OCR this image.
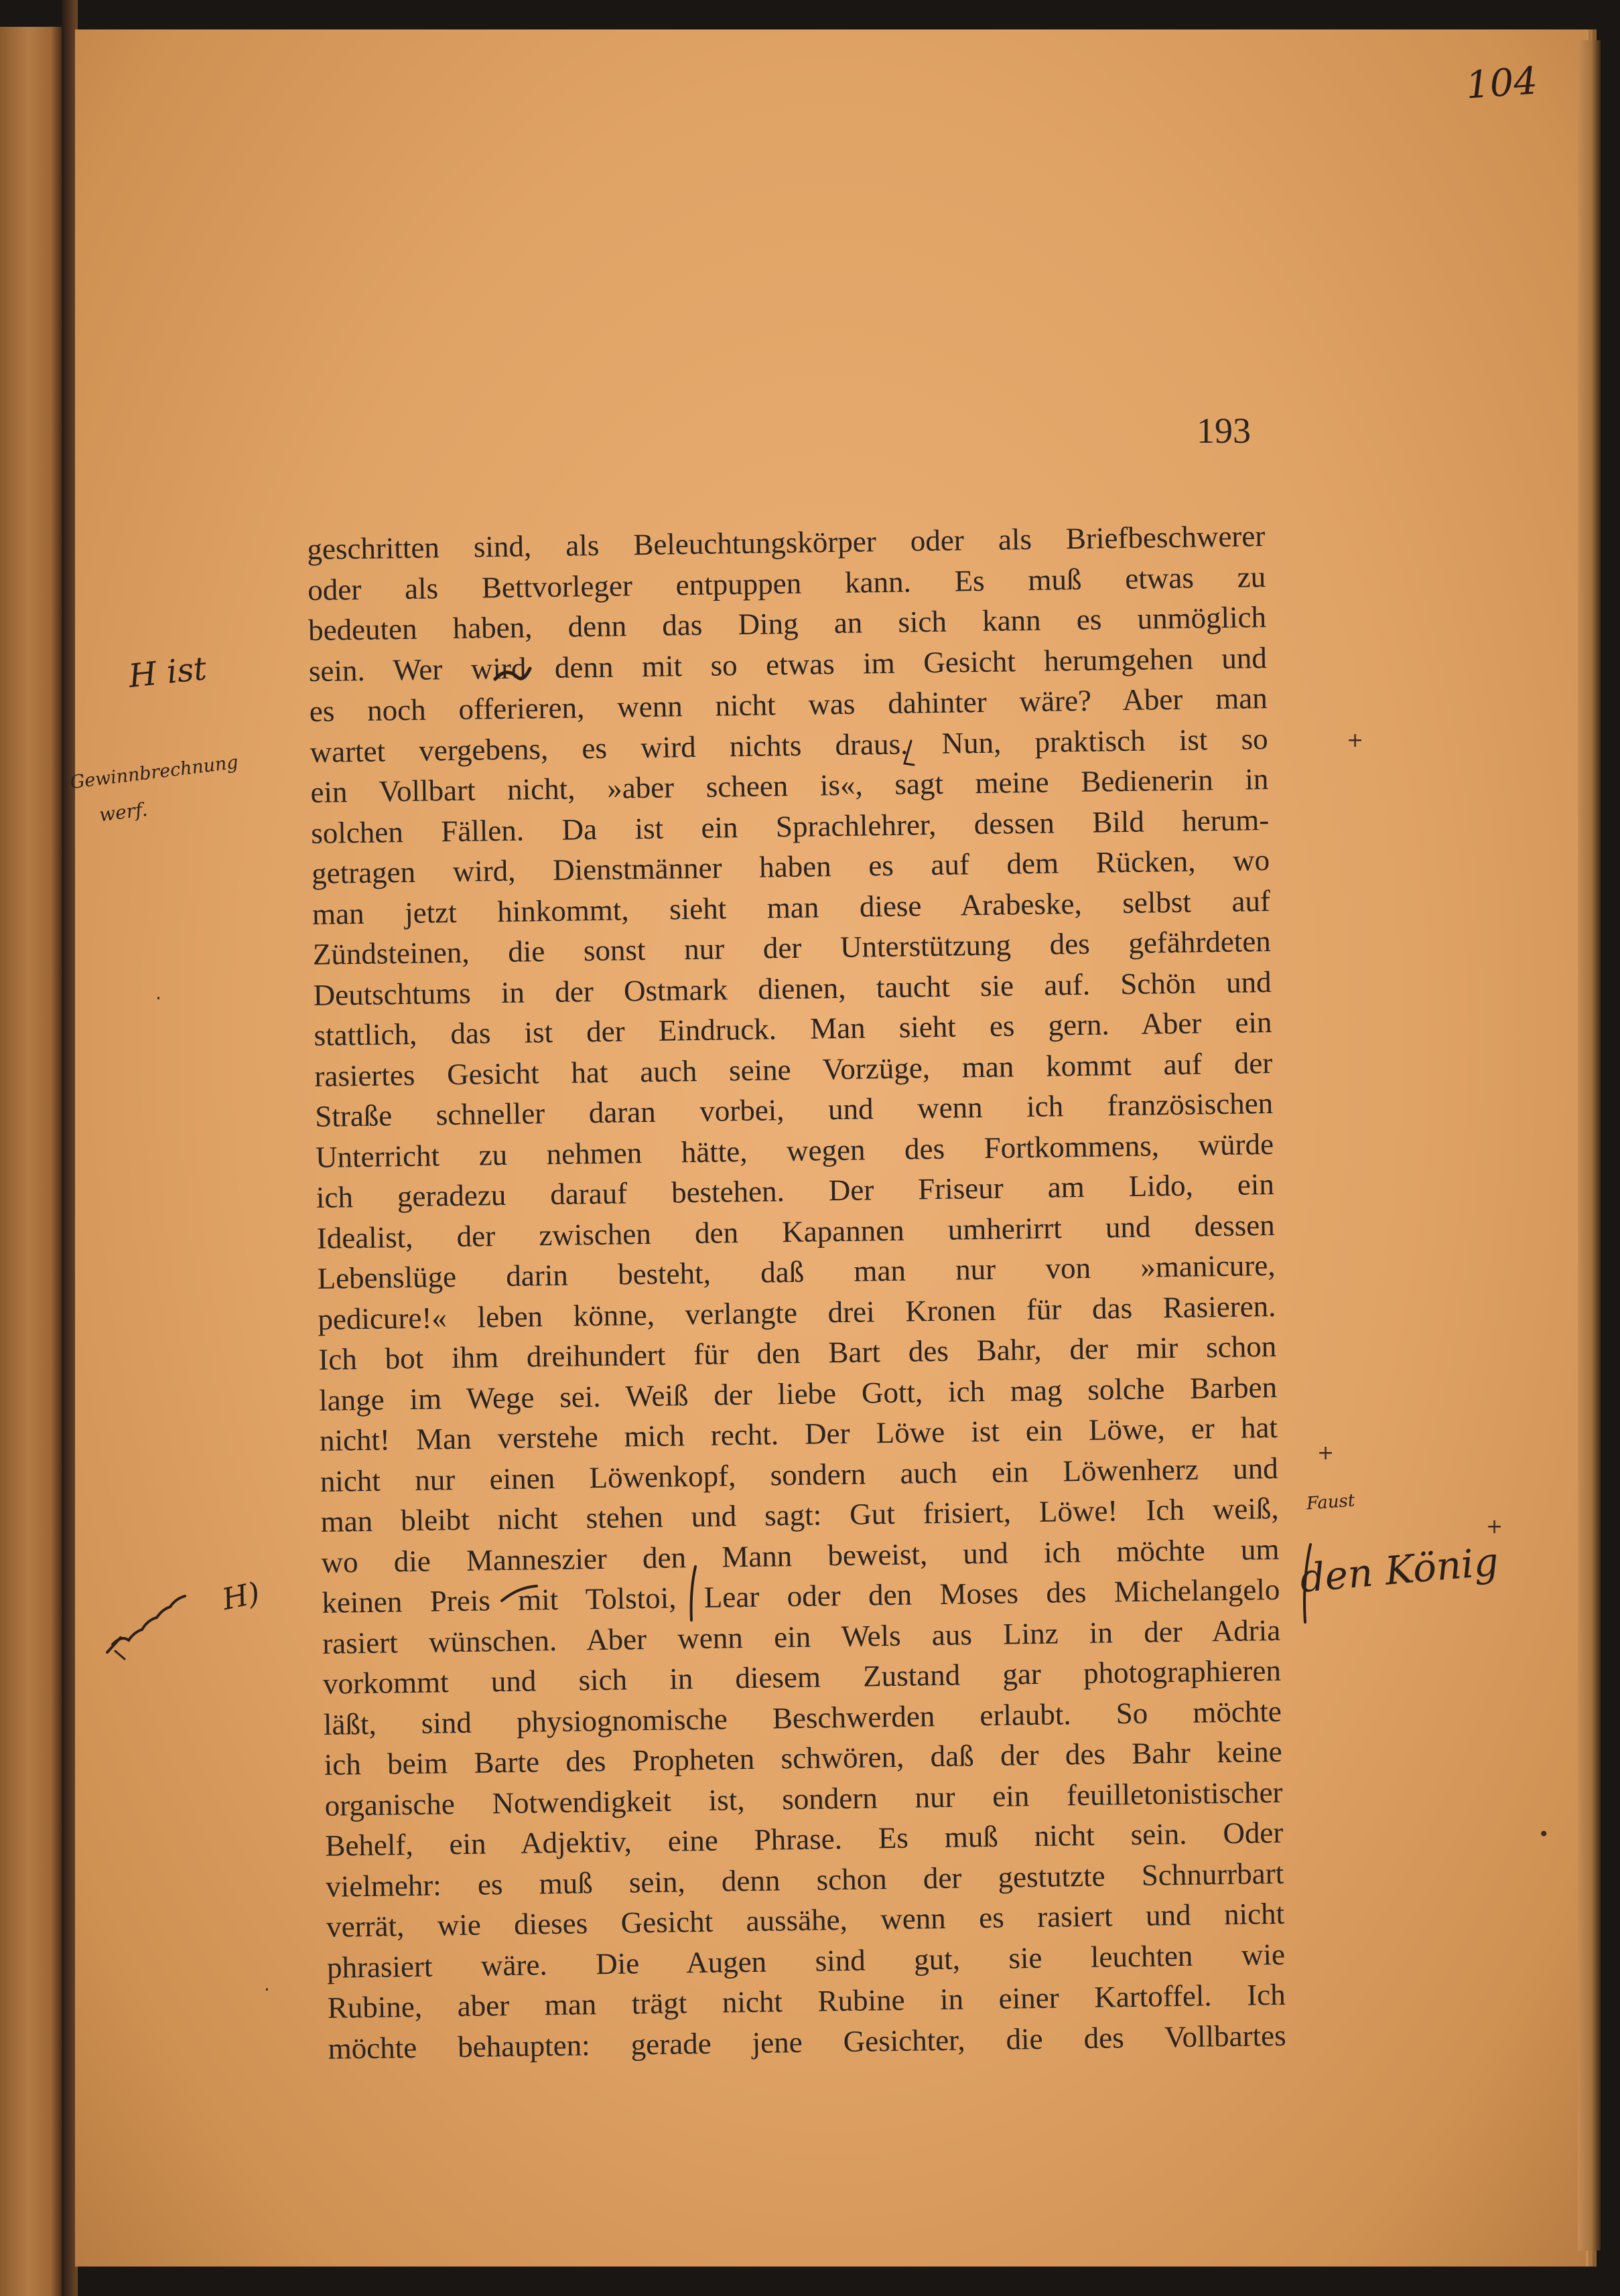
104
193
geschritten sind, als Beleuchtungskörper oder als Briefbeschwerer
oder als Bettvorleger entpuppen kann. Es muß etwas zu
bedeuten haben, denn das Ding an sich kann es unmöglich
sein. Wer wird denn mit so etwas im Gesicht herumgehen und
es noch offerieren, wenn nicht was dahinter wäre? Aber man
wartet vergebens, es wird nichts draus. Nun, praktisch ist so
ein Vollbart nicht, »aber scheen is«, sagt meine Bedienerin in
solchen Fällen. Da ist ein Sprachlehrer, dessen Bild herum-
getragen wird, Dienstmänner haben es auf dem Rücken, wo
man jetzt hinkommt, sieht man diese Arabeske, selbst auf
Zündsteinen, die sonst nur der Unterstützung des gefährdeten
Deutschtums in der Ostmark dienen, taucht sie auf. Schön und
stattlich, das ist der Eindruck. Man sieht es gern. Aber ein
rasiertes Gesicht hat auch seine Vorzüge, man kommt auf der
Straße schneller daran vorbei, und wenn ich französischen
Unterricht zu nehmen hätte, wegen des Fortkommens, würde
ich geradezu darauf bestehen. Der Friseur am Lido, ein
Idealist, der zwischen den Kapannen umherirrt und dessen
Lebenslüge darin besteht, daß man nur von »manicure,
pedicure!« leben könne, verlangte drei Kronen für das Rasieren.
Ich bot ihm dreihundert für den Bart des Bahr, der mir schon
lange im Wege sei. Weiß der liebe Gott, ich mag solche Barben
nicht! Man verstehe mich recht. Der Löwe ist ein Löwe, er hat
nicht nur einen Löwenkopf, sondern auch ein Löwenherz und
man bleibt nicht stehen und sagt: Gut frisiert, Löwe! Ich weiß,
wo die Manneszier den Mann beweist, und ich möchte um
keinen Preis mit Tolstoi, Lear oder den Moses des Michelangelo
rasiert wünschen. Aber wenn ein Wels aus Linz in der Adria
vorkommt und sich in diesem Zustand gar photographieren
läßt, sind physiognomische Beschwerden erlaubt. So möchte
ich beim Barte des Propheten schwören, daß der des Bahr keine
organische Notwendigkeit ist, sondern nur ein feuilletonistischer
Behelf, ein Adjektiv, eine Phrase. Es muß nicht sein. Oder
vielmehr: es muß sein, denn schon der gestutzte Schnurrbart
verrät, wie dieses Gesicht aussähe, wenn es rasiert und nicht
phrasiert wäre. Die Augen sind gut, sie leuchten wie
Rubine, aber man trägt nicht Rubine in einer Kartoffel. Ich
möchte behaupten: gerade jene Gesichter, die des Vollbartes
H ist
Gewinnbrechnung
werf.
H)
Faust
den König
+
+
+
•
·
·
